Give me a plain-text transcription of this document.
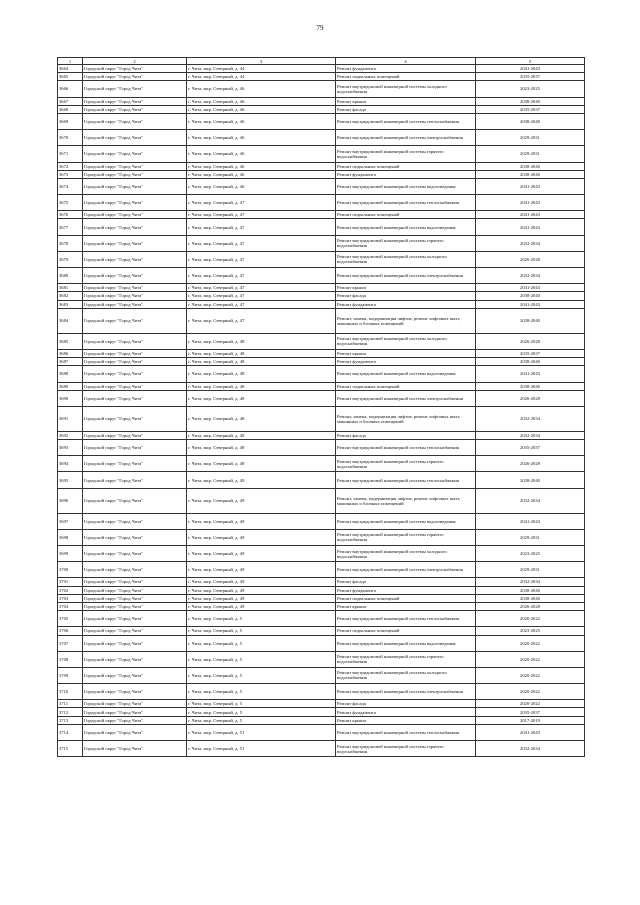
79
1	2	3	4	5
3664	Городской округ "Город Чита"	г. Чита, мкр. Северный, д. 44	Ремонт фундамента	2041-2043
3665	Городской округ "Город Чита"	г. Чита, мкр. Северный, д. 44	Ремонт подвальных помещений	2035-2037
3666	Городской округ "Город Чита"	г. Чита, мкр. Северный, д. 46	Ремонт внутридомовой инженерной системы холодного водоснабжения	2023-2025
3667	Городской округ "Город Чита"	г. Чита, мкр. Северный, д. 46	Ремонт крыши	2038-2040
3668	Городской округ "Город Чита"	г. Чита, мкр. Северный, д. 46	Ремонт фасада	2035-2037
3669	Городской округ "Город Чита"	г. Чита, мкр. Северный, д. 46	Ремонт внутридомовой инженерной системы теплоснабжения	2038-2040
3670	Городской округ "Город Чита"	г. Чита, мкр. Северный, д. 46	Ремонт внутридомовой инженерной системы электроснабжения	2029-2031
3671	Городской округ "Город Чита"	г. Чита, мкр. Северный, д. 46	Ремонт внутридомовой инженерной системы горячего водоснабжения	2029-2031
3672	Городской округ "Город Чита"	г. Чита, мкр. Северный, д. 46	Ремонт подвальных помещений	2038-2040
3673	Городской округ "Город Чита"	г. Чита, мкр. Северный, д. 46	Ремонт фундамента	2038-2040
3674	Городской округ "Город Чита"	г. Чита, мкр. Северный, д. 46	Ремонт внутридомовой инженерной системы водоотведения	2041-2043
3675	Городской округ "Город Чита"	г. Чита, мкр. Северный, д. 47	Ремонт внутридомовой инженерной системы теплоснабжения	2041-2043
3676	Городской округ "Город Чита"	г. Чита, мкр. Северный, д. 47	Ремонт подвальных помещений	2041-2043
3677	Городской округ "Город Чита"	г. Чита, мкр. Северный, д. 47	Ремонт внутридомовой инженерной системы водоотведения	2041-2043
3678	Городской округ "Город Чита"	г. Чита, мкр. Северный, д. 47	Ремонт внутридомовой инженерной системы горячего водоснабжения	2032-2034
3679	Городской округ "Город Чита"	г. Чита, мкр. Северный, д. 47	Ремонт внутридомовой инженерной системы холодного водоснабжения	2026-2028
3680	Городской округ "Город Чита"	г. Чита, мкр. Северный, д. 47	Ремонт внутридомовой инженерной системы электроснабжения	2032-2034
3681	Городской округ "Город Чита"	г. Чита, мкр. Северный, д. 47	Ремонт крыши	2041-2043
3682	Городской округ "Город Чита"	г. Чита, мкр. Северный, д. 47	Ремонт фасада	2038-2040
3683	Городской округ "Город Чита"	г. Чита, мкр. Северный, д. 47	Ремонт фундамента	2041-2043
3684	Городской округ "Город Чита"	г. Чита, мкр. Северный, д. 47	Ремонт, замена, модернизация лифтов, ремонт лифтовых шахт, машинных и блочных помещений	2038-2040
3685	Городской округ "Город Чита"	г. Чита, мкр. Северный, д. 48	Ремонт внутридомовой инженерной системы холодного водоснабжения	2026-2028
3686	Городской округ "Город Чита"	г. Чита, мкр. Северный, д. 48	Ремонт крыши	2035-2037
3687	Городской округ "Город Чита"	г. Чита, мкр. Северный, д. 48	Ремонт фундамента	2038-2040
3688	Городской округ "Город Чита"	г. Чита, мкр. Северный, д. 48	Ремонт внутридомовой инженерной системы водоотведения	2041-2043
3689	Городской округ "Город Чита"	г. Чита, мкр. Северный, д. 48	Ремонт подвальных помещений	2038-2040
3690	Городской округ "Город Чита"	г. Чита, мкр. Северный, д. 48	Ремонт внутридомовой инженерной системы электроснабжения	2026-2028
3691	Городской округ "Город Чита"	г. Чита, мкр. Северный, д. 48	Ремонт, замена, модернизация лифтов, ремонт лифтовых шахт, машинных и блочных помещений	2032-2034
3692	Городской округ "Город Чита"	г. Чита, мкр. Северный, д. 48	Ремонт фасада	2032-2034
3693	Городской округ "Город Чита"	г. Чита, мкр. Северный, д. 48	Ремонт внутридомовой инженерной системы теплоснабжения	2035-2037
3694	Городской округ "Город Чита"	г. Чита, мкр. Северный, д. 48	Ремонт внутридомовой инженерной системы горячего водоснабжения	2026-2028
3695	Городской округ "Город Чита"	г. Чита, мкр. Северный, д. 49	Ремонт внутридомовой инженерной системы теплоснабжения	2038-2040
3696	Городской округ "Город Чита"	г. Чита, мкр. Северный, д. 49	Ремонт, замена, модернизация лифтов, ремонт лифтовых шахт, машинных и блочных помещений	2032-2034
3697	Городской округ "Город Чита"	г. Чита, мкр. Северный, д. 49	Ремонт внутридомовой инженерной системы водоотведения	2041-2043
3698	Городской округ "Город Чита"	г. Чита, мкр. Северный, д. 49	Ремонт внутридомовой инженерной системы горячего водоснабжения	2029-2031
3699	Городской округ "Город Чита"	г. Чита, мкр. Северный, д. 49	Ремонт внутридомовой инженерной системы холодного водоснабжения	2023-2025
3700	Городской округ "Город Чита"	г. Чита, мкр. Северный, д. 49	Ремонт внутридомовой инженерной системы электроснабжения	2029-2031
3701	Городской округ "Город Чита"	г. Чита, мкр. Северный, д. 49	Ремонт фасада	2032-2034
3702	Городской округ "Город Чита"	г. Чита, мкр. Северный, д. 49	Ремонт фундамента	2038-2040
3703	Городской округ "Город Чита"	г. Чита, мкр. Северный, д. 49	Ремонт подвальных помещений	2038-2040
3704	Городской округ "Город Чита"	г. Чита, мкр. Северный, д. 49	Ремонт крыши	2026-2028
3705	Городской округ "Город Чита"	г. Чита, мкр. Северный, д. 5	Ремонт внутридомовой инженерной системы теплоснабжения	2020-2022
3706	Городской округ "Город Чита"	г. Чита, мкр. Северный, д. 5	Ремонт подвальных помещений	2023-2025
3707	Городской округ "Город Чита"	г. Чита, мкр. Северный, д. 5	Ремонт внутридомовой инженерной системы водоотведения	2020-2022
3708	Городской округ "Город Чита"	г. Чита, мкр. Северный, д. 5	Ремонт внутридомовой инженерной системы горячего водоснабжения	2020-2022
3709	Городской округ "Город Чита"	г. Чита, мкр. Северный, д. 5	Ремонт внутридомовой инженерной системы холодного водоснабжения	2020-2022
3710	Городской округ "Город Чита"	г. Чита, мкр. Северный, д. 5	Ремонт внутридомовой инженерной системы электроснабжения	2020-2022
3711	Городской округ "Город Чита"	г. Чита, мкр. Северный, д. 5	Ремонт фасада	2020-2022
3712	Городской округ "Город Чита"	г. Чита, мкр. Северный, д. 5	Ремонт фундамента	2035-2037
3713	Городской округ "Город Чита"	г. Чита, мкр. Северный, д. 5	Ремонт крыши	2017-2019
3714	Городской округ "Город Чита"	г. Чита, мкр. Северный, д. 51	Ремонт внутридомовой инженерной системы теплоснабжения	2041-2043
3715	Городской округ "Город Чита"	г. Чита, мкр. Северный, д. 51	Ремонт внутридомовой инженерной системы горячего водоснабжения	2032-2034
